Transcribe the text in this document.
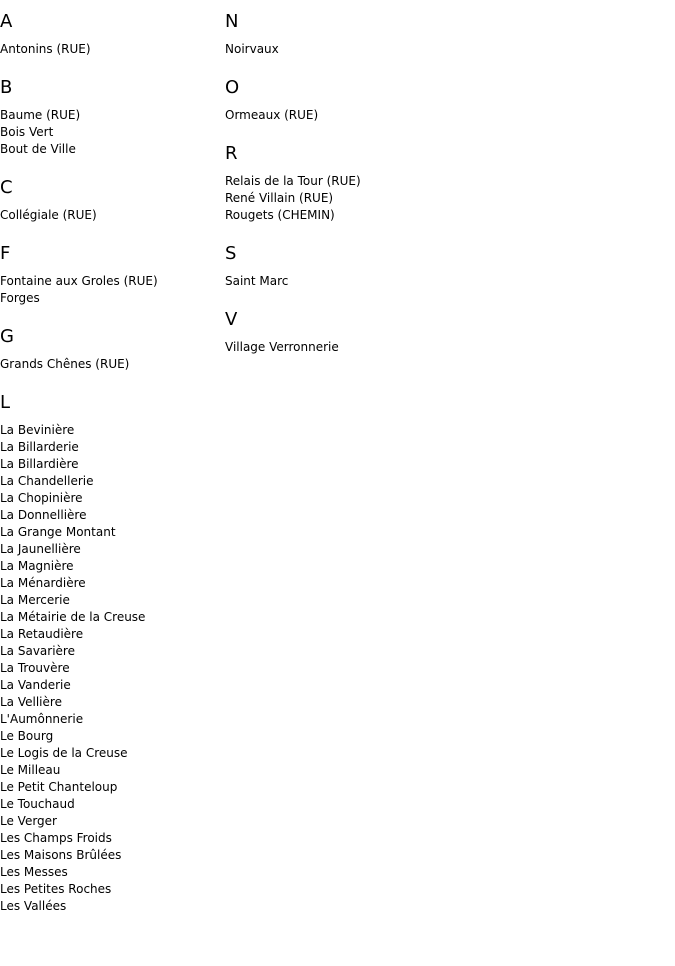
A
Antonins (RUE)
B
Baume (RUE)
Bois Vert
Bout de Ville
C
Collégiale (RUE)
F
Fontaine aux Groles (RUE)
Forges
G
Grands Chênes (RUE)
L
La Bevinière
La Billarderie
La Billardière
La Chandellerie
La Chopinière
La Donnellière
La Grange Montant
La Jaunellière
La Magnière
La Ménardière
La Mercerie
La Métairie de la Creuse
La Retaudière
La Savarière
La Trouvère
La Vanderie
La Vellière
L'Aumônnerie
Le Bourg
Le Logis de la Creuse
Le Milleau
Le Petit Chanteloup
Le Touchaud
Le Verger
Les Champs Froids
Les Maisons Brûlées
Les Messes
Les Petites Roches
Les Vallées
N
Noirvaux
O
Ormeaux (RUE)
R
Relais de la Tour (RUE)
René Villain (RUE)
Rougets (CHEMIN)
S
Saint Marc
V
Village Verronnerie
